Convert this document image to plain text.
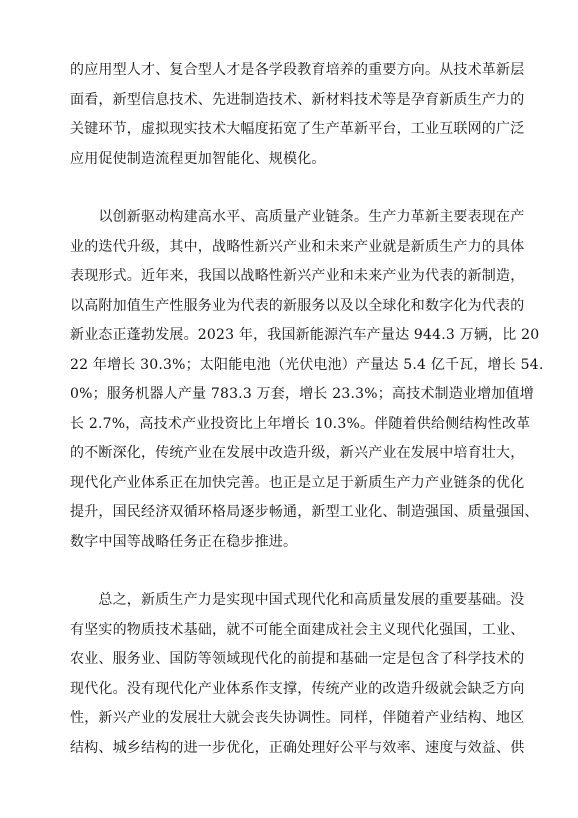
的应用型人才、复合型人才是各学段教育培养的重要方向。从技术革新层
面看，新型信息技术、先进制造技术、新材料技术等是孕育新质生产力的
关键环节，虚拟现实技术大幅度拓宽了生产革新平台，工业互联网的广泛
应用促使制造流程更加智能化、规模化。
　　以创新驱动构建高水平、高质量产业链条。生产力革新主要表现在产
业的迭代升级，其中，战略性新兴产业和未来产业就是新质生产力的具体
表现形式。近年来，我国以战略性新兴产业和未来产业为代表的新制造，
以高附加值生产性服务业为代表的新服务以及以全球化和数字化为代表的
新业态正蓬勃发展。2023 年，我国新能源汽车产量达 944.3 万辆，比 20
22 年增长 30.3%；太阳能电池（光伏电池）产量达 5.4 亿千瓦，增长 54.
0%；服务机器人产量 783.3 万套，增长 23.3%；高技术制造业增加值增
长 2.7%，高技术产业投资比上年增长 10.3%。伴随着供给侧结构性改革
的不断深化，传统产业在发展中改造升级，新兴产业在发展中培育壮大，
现代化产业体系正在加快完善。也正是立足于新质生产力产业链条的优化
提升，国民经济双循环格局逐步畅通，新型工业化、制造强国、质量强国、
数字中国等战略任务正在稳步推进。
　　总之，新质生产力是实现中国式现代化和高质量发展的重要基础。没
有坚实的物质技术基础，就不可能全面建成社会主义现代化强国，工业、
农业、服务业、国防等领域现代化的前提和基础一定是包含了科学技术的
现代化。没有现代化产业体系作支撑，传统产业的改造升级就会缺乏方向
性，新兴产业的发展壮大就会丧失协调性。同样，伴随着产业结构、地区
结构、城乡结构的进一步优化，正确处理好公平与效率、速度与效益、供
